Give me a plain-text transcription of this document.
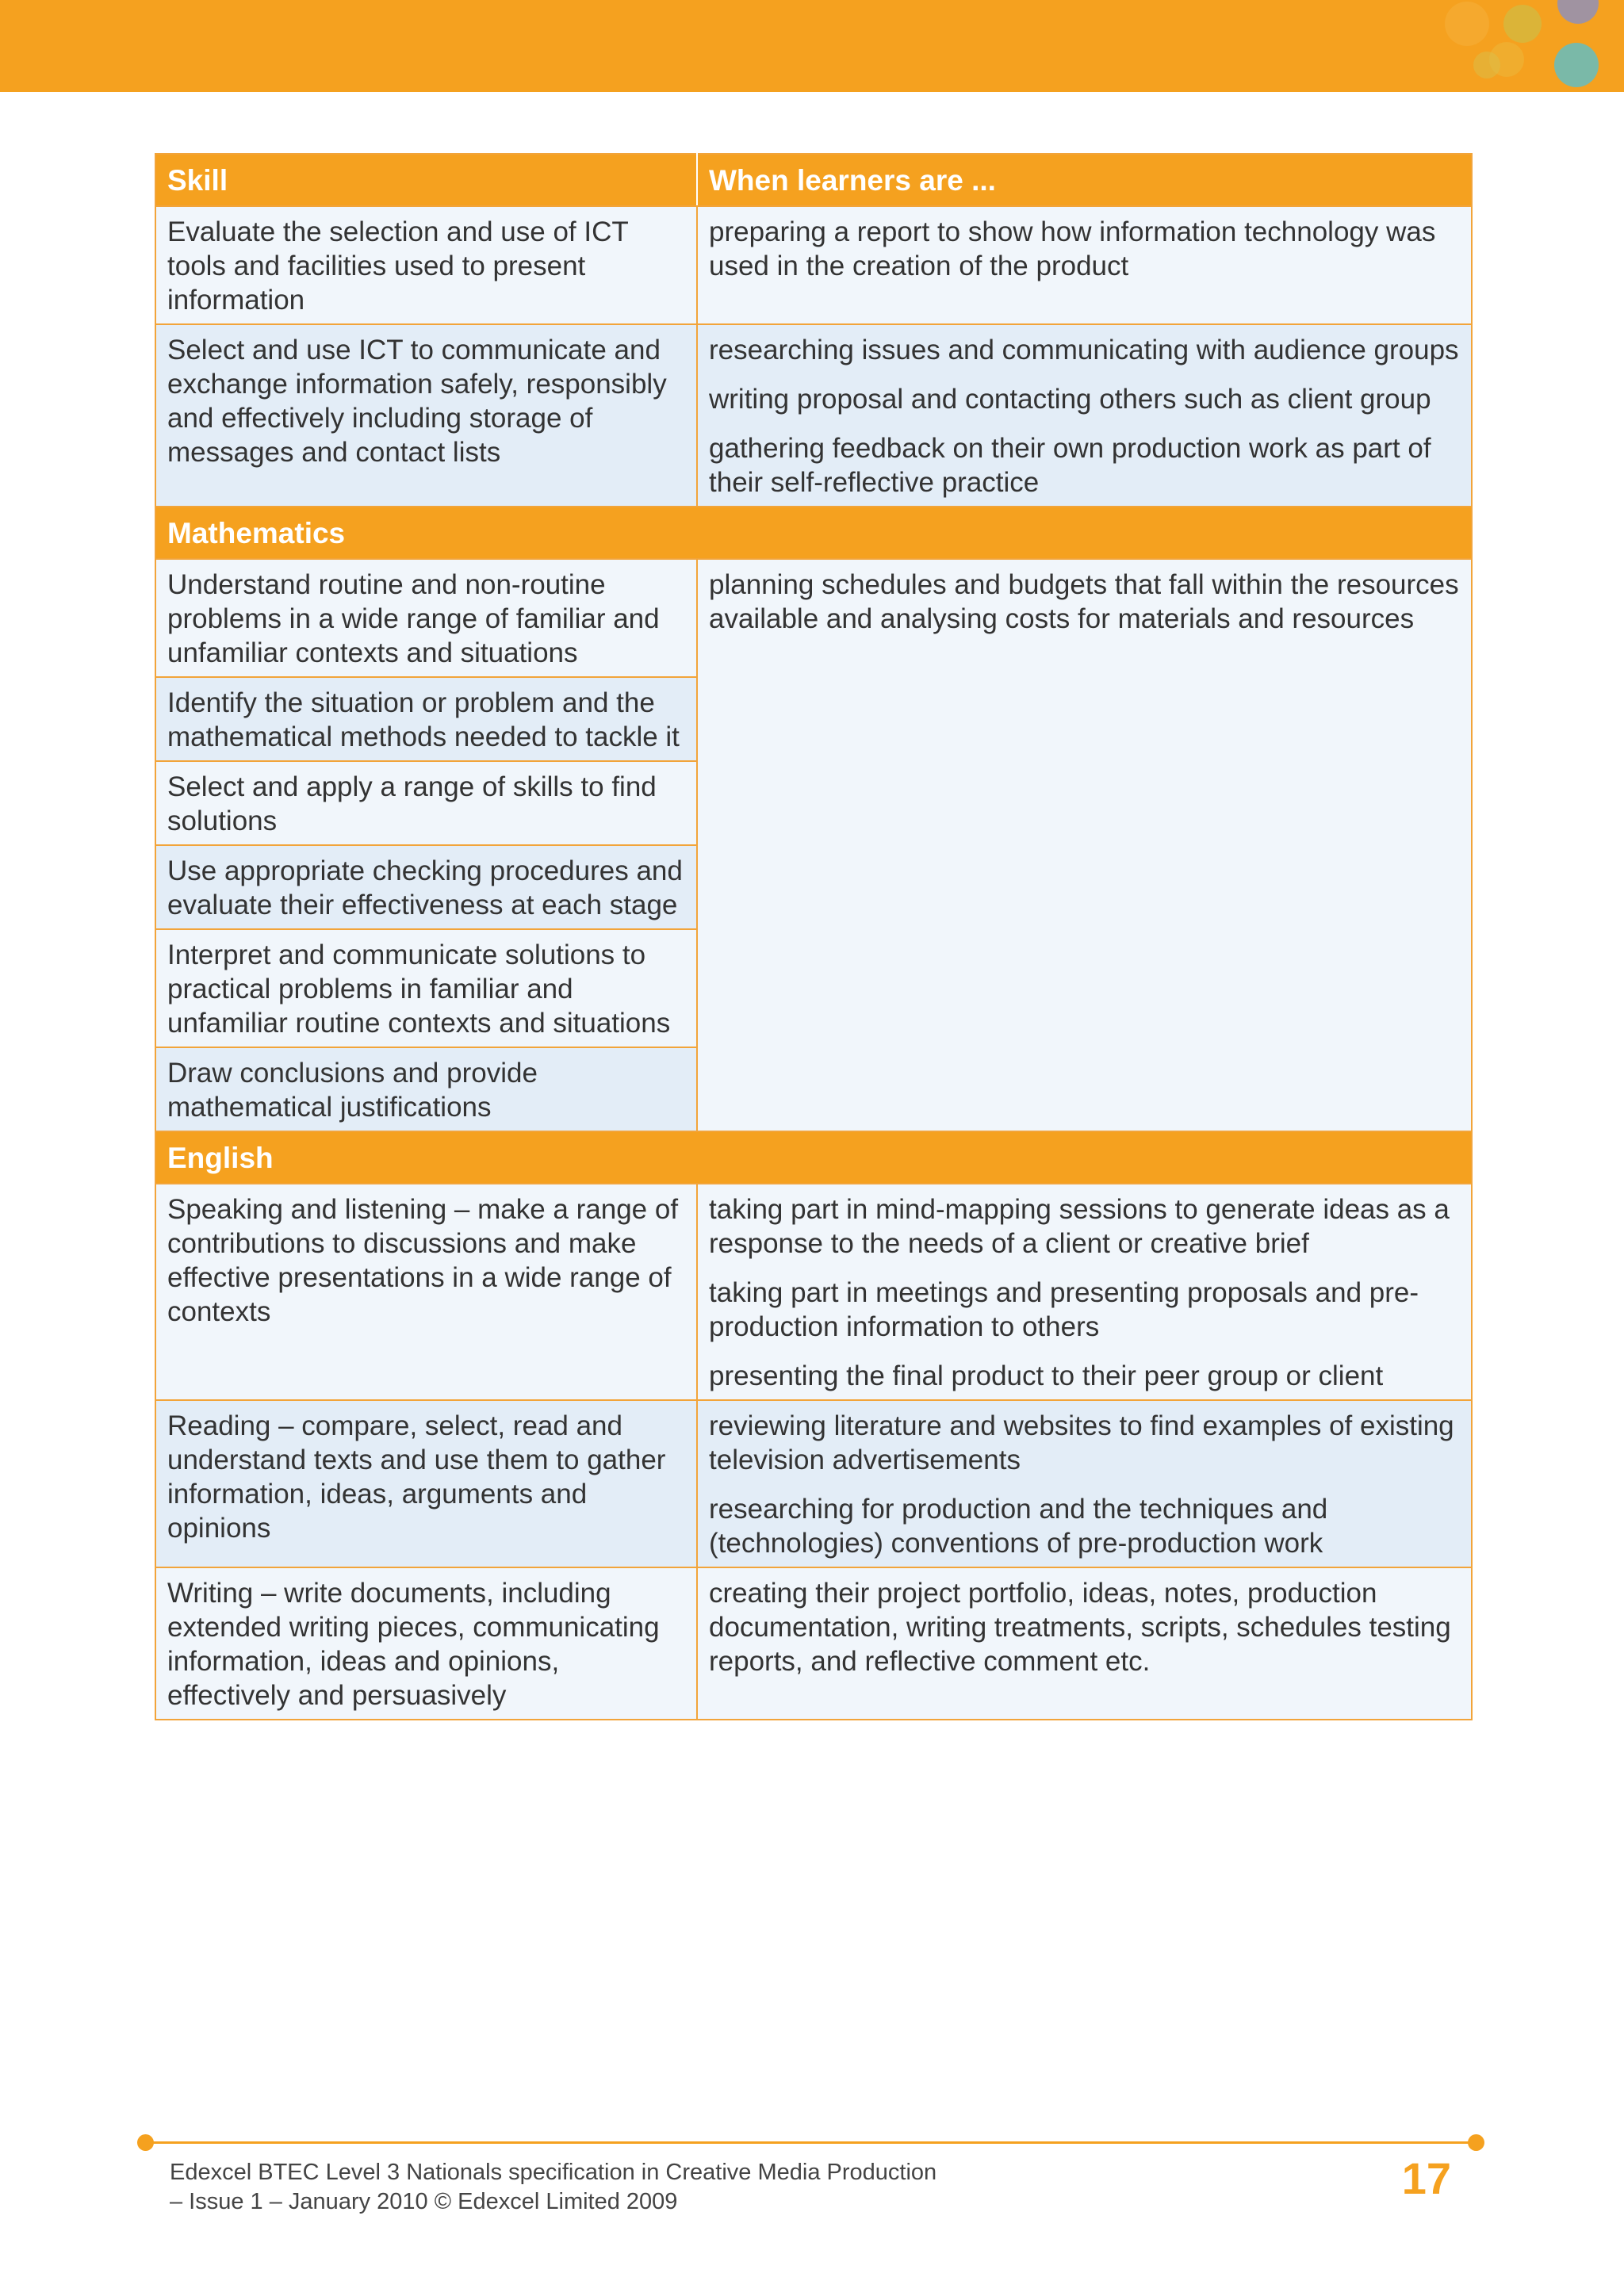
Skill	When learners are ...
Evaluate the selection and use of ICT tools and facilities used to present information	preparing a report to show how information technology was used in the creation of the product

Select and use ICT to communicate and exchange information safely, responsibly and effectively including storage of messages and contact lists	researching issues and communicating with audience groups

writing proposal and contacting others such as client group

gathering feedback on their own production work as part of their self-reflective practice

Mathematics	
Understand routine and non-routine problems in a wide range of familiar and unfamiliar contexts and situations	planning schedules and budgets that fall within the resources available and analysing costs for materials and resources

Identify the situation or problem and the mathematical methods needed to tackle it	
Select and apply a range of skills to find solutions	
Use appropriate checking procedures and evaluate their effectiveness at each stage	
Interpret and communicate solutions to practical problems in familiar and unfamiliar routine contexts and situations	
Draw conclusions and provide mathematical justifications	
English	
Speaking and listening – make a range of contributions to discussions and make effective presentations in a wide range of contexts	taking part in mind-mapping sessions to generate ideas as a response to the needs of a client or creative brief

taking part in meetings and presenting proposals and pre-production information to others

presenting the final product to their peer group or client

Reading – compare, select, read and understand texts and use them to gather information, ideas, arguments and opinions	reviewing literature and websites to find examples of existing television advertisements

researching for production and the techniques and (technologies) conventions of pre-production work

Writing – write documents, including extended writing pieces, communicating information, ideas and opinions, effectively and persuasively	creating their project portfolio, ideas, notes, production documentation, writing treatments, scripts, schedules testing reports, and reflective comment etc.

Edexcel BTEC Level 3 Nationals specification in Creative Media Production
– Issue 1 – January 2010 © Edexcel Limited 2009	17
